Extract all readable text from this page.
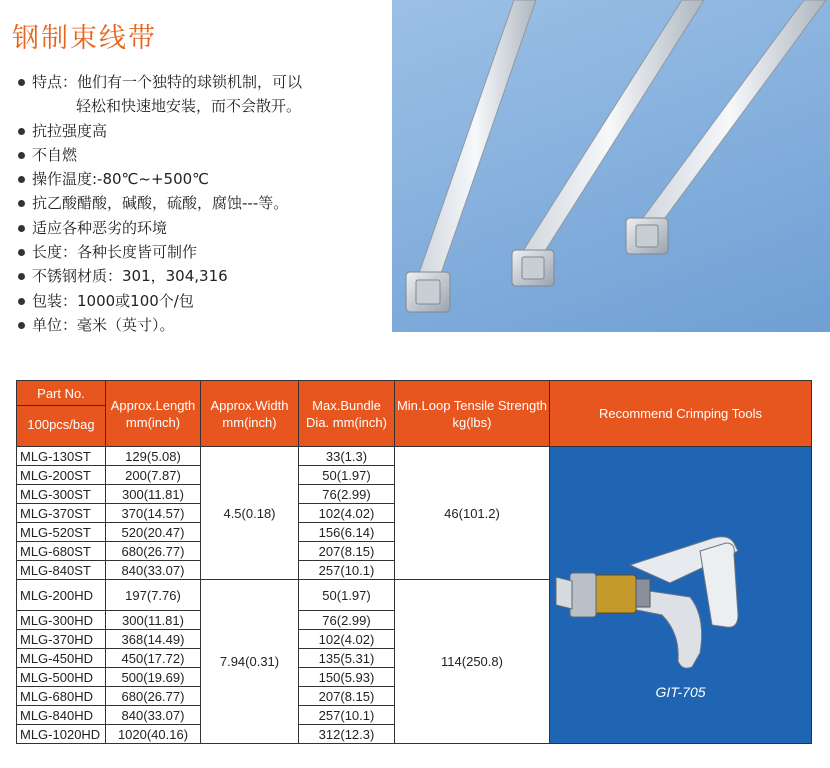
钢制束线带
特点：他们有一个独特的球锁机制，可以
轻松和快速地安装，而不会散开。
抗拉强度高
不自燃
操作温度:-80℃~+500℃
抗乙酸醋酸，碱酸，硫酸，腐蚀---等。
适应各种恶劣的环境
长度：各种长度皆可制作
不锈钢材质：301，304,316
包装：1000或100个/包
单位：毫米（英寸）。
Part No.
100pcs/bag	Approx.Length mm(inch)	Approx.Width mm(inch)	Max.Bundle Dia. mm(inch)	Min.Loop Tensile Strength kg(lbs)	Recommend Crimping Tools
MLG-130ST	129(5.08)	4.5(0.18)	33(1.3)	46(101.2)	GIT-705

MLG-200ST	200(7.87)		50(1.97)		
MLG-300ST	300(11.81)		76(2.99)		
MLG-370ST	370(14.57)		102(4.02)		
MLG-520ST	520(20.47)		156(6.14)		
MLG-680ST	680(26.77)		207(8.15)		
MLG-840ST	840(33.07)		257(10.1)		
MLG-200HD	197(7.76)	7.94(0.31)	50(1.97)	114(250.8)	
MLG-300HD	300(11.81)		76(2.99)		
MLG-370HD	368(14.49)		102(4.02)		
MLG-450HD	450(17.72)		135(5.31)		
MLG-500HD	500(19.69)		150(5.93)		
MLG-680HD	680(26.77)		207(8.15)		
MLG-840HD	840(33.07)		257(10.1)		
MLG-1020HD	1020(40.16)		312(12.3)		
